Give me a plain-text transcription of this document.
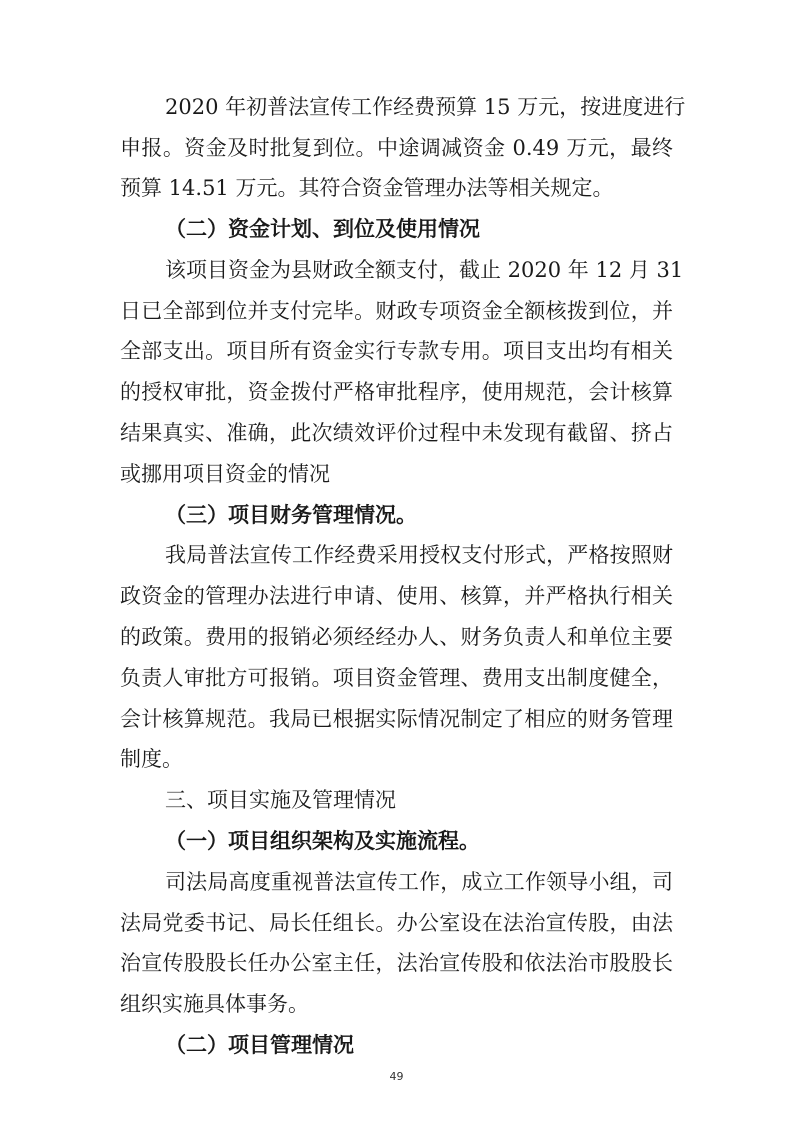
2020 年初普法宣传工作经费预算 15 万元，按进度进行
申报。资金及时批复到位。中途调减资金 0.49 万元，最终
预算 14.51 万元。其符合资金管理办法等相关规定。
（二）资金计划、到位及使用情况
该项目资金为县财政全额支付，截止 2020 年 12 月 31
日已全部到位并支付完毕。财政专项资金全额核拨到位，并
全部支出。项目所有资金实行专款专用。项目支出均有相关
的授权审批，资金拨付严格审批程序，使用规范，会计核算
结果真实、准确，此次绩效评价过程中未发现有截留、挤占
或挪用项目资金的情况
（三）项目财务管理情况。
我局普法宣传工作经费采用授权支付形式，严格按照财
政资金的管理办法进行申请、使用、核算，并严格执行相关
的政策。费用的报销必须经经办人、财务负责人和单位主要
负责人审批方可报销。项目资金管理、费用支出制度健全，
会计核算规范。我局已根据实际情况制定了相应的财务管理
制度。
三、项目实施及管理情况
（一）项目组织架构及实施流程。
司法局高度重视普法宣传工作，成立工作领导小组，司
法局党委书记、局长任组长。办公室设在法治宣传股，由法
治宣传股股长任办公室主任，法治宣传股和依法治市股股长
组织实施具体事务。
（二）项目管理情况
49
